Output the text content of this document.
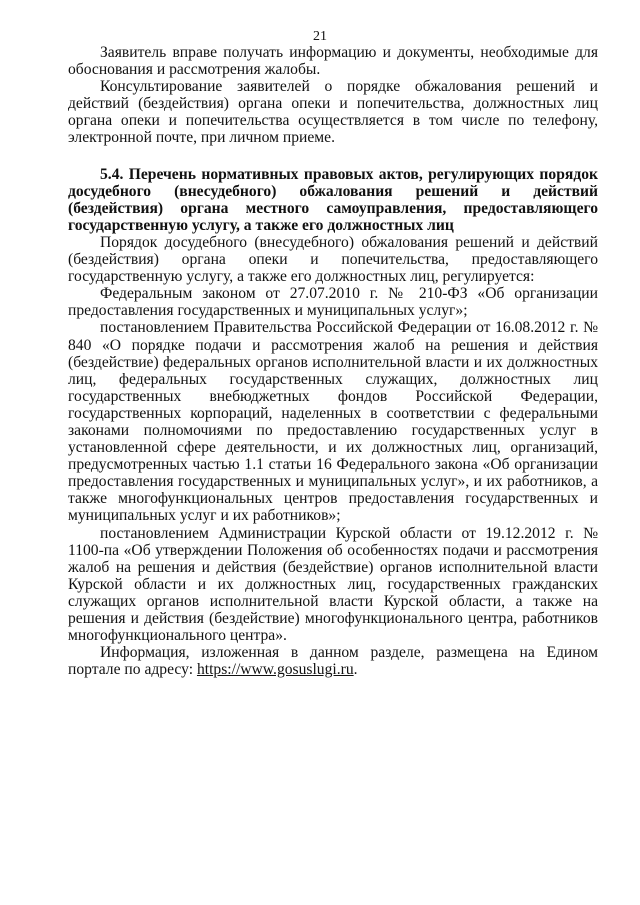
21

Заявитель вправе получать информацию и документы, необходимые для обоснования и рассмотрения жалобы.

Консультирование заявителей о порядке обжалования решений и действий (бездействия) органа опеки и попечительства, должностных лиц органа опеки и попечительства осуществляется в том числе по телефону, электронной почте, при личном приеме.

5.4. Перечень нормативных правовых актов, регулирующих порядок досудебного (внесудебного) обжалования решений и действий (бездействия) органа местного самоуправления, предоставляющего государственную услугу, а также его должностных лиц

Порядок досудебного (внесудебного) обжалования решений и действий (бездействия) органа опеки и попечительства, предоставляющего государственную услугу, а также его должностных лиц, регулируется:

Федеральным законом от 27.07.2010 г. № 210-ФЗ «Об организации предоставления государственных и муниципальных услуг»;

постановлением Правительства Российской Федерации от 16.08.2012 г. № 840 «О порядке подачи и рассмотрения жалоб на решения и действия (бездействие) федеральных органов исполнительной власти и их должностных лиц, федеральных государственных служащих, должностных лиц государственных внебюджетных фондов Российской Федерации, государственных корпораций, наделенных в соответствии с федеральными законами полномочиями по предоставлению государственных услуг в установленной сфере деятельности, и их должностных лиц, организаций, предусмотренных частью 1.1 статьи 16 Федерального закона «Об организации предоставления государственных и муниципальных услуг», и их работников, а также многофункциональных центров предоставления государственных и муниципальных услуг и их работников»;

постановлением Администрации Курской области от 19.12.2012 г. № 1100-па «Об утверждении Положения об особенностях подачи и рассмотрения жалоб на решения и действия (бездействие) органов исполнительной власти Курской области и их должностных лиц, государственных гражданских служащих органов исполнительной власти Курской области, а также на решения и действия (бездействие) многофункционального центра, работников многофункционального центра».

Информация, изложенная в данном разделе, размещена на Едином портале по адресу: https://www.gosuslugi.ru.
